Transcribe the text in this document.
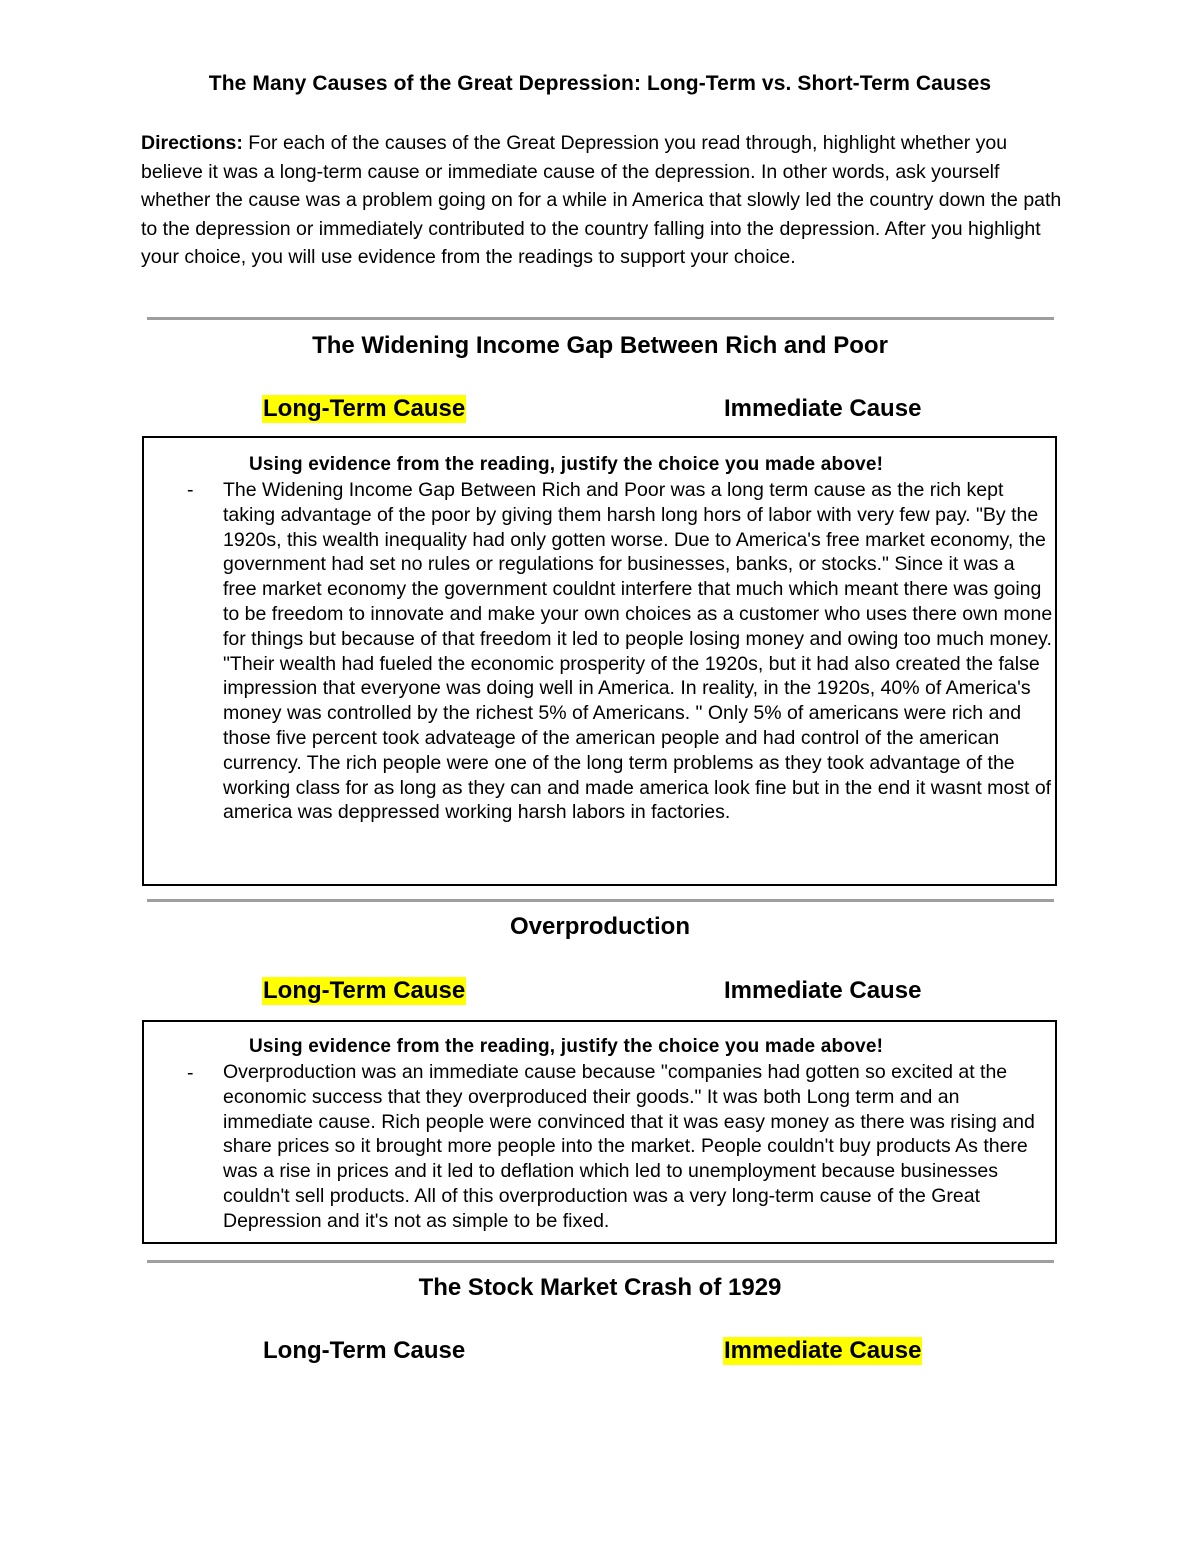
The Many Causes of the Great Depression: Long-Term vs. Short-Term Causes
Directions: For each of the causes of the Great Depression you read through, highlight whether you believe it was a long-term cause or immediate cause of the depression. In other words, ask yourself whether the cause was a problem going on for a while in America that slowly led the country down the path to the depression or immediately contributed to the country falling into the depression. After you highlight your choice, you will use evidence from the readings to support your choice.
The Widening Income Gap Between Rich and Poor
Long-Term Cause	Immediate Cause
Using evidence from the reading, justify the choice you made above!
- The Widening Income Gap Between Rich and Poor was a long term cause as the rich kept taking advantage of the poor by giving them harsh long hors of labor with very few pay. "By the 1920s, this wealth inequality had only gotten worse. Due to America's free market economy, the government had set no rules or regulations for businesses, banks, or stocks." Since it was a free market economy the government couldnt interfere that much which meant there was going to be freedom to innovate and make your own choices as a customer who uses there own mone for things but because of that freedom it led to people losing money and owing too much money. "Their wealth had fueled the economic prosperity of the 1920s, but it had also created the false impression that everyone was doing well in America. In reality, in the 1920s, 40% of America's money was controlled by the richest 5% of Americans. " Only 5% of americans were rich and those five percent took advateage of the american people and had control of the american currency. The rich people were one of the long term problems as they took advantage of the working class for as long as they can and made america look fine but in the end it wasnt most of america was deppressed working harsh labors in factories.
Overproduction
Long-Term Cause	Immediate Cause
Using evidence from the reading, justify the choice you made above!
- Overproduction was an immediate cause because "companies had gotten so excited at the economic success that they overproduced their goods." It was both Long term and an immediate cause. Rich people were convinced that it was easy money as there was rising and share prices so it brought more people into the market. People couldn't buy products As there was a rise in prices and it led to deflation which led to unemployment because businesses couldn't sell products. All of this overproduction was a very long-term cause of the Great Depression and it's not as simple to be fixed.
The Stock Market Crash of 1929
Long-Term Cause	Immediate Cause
